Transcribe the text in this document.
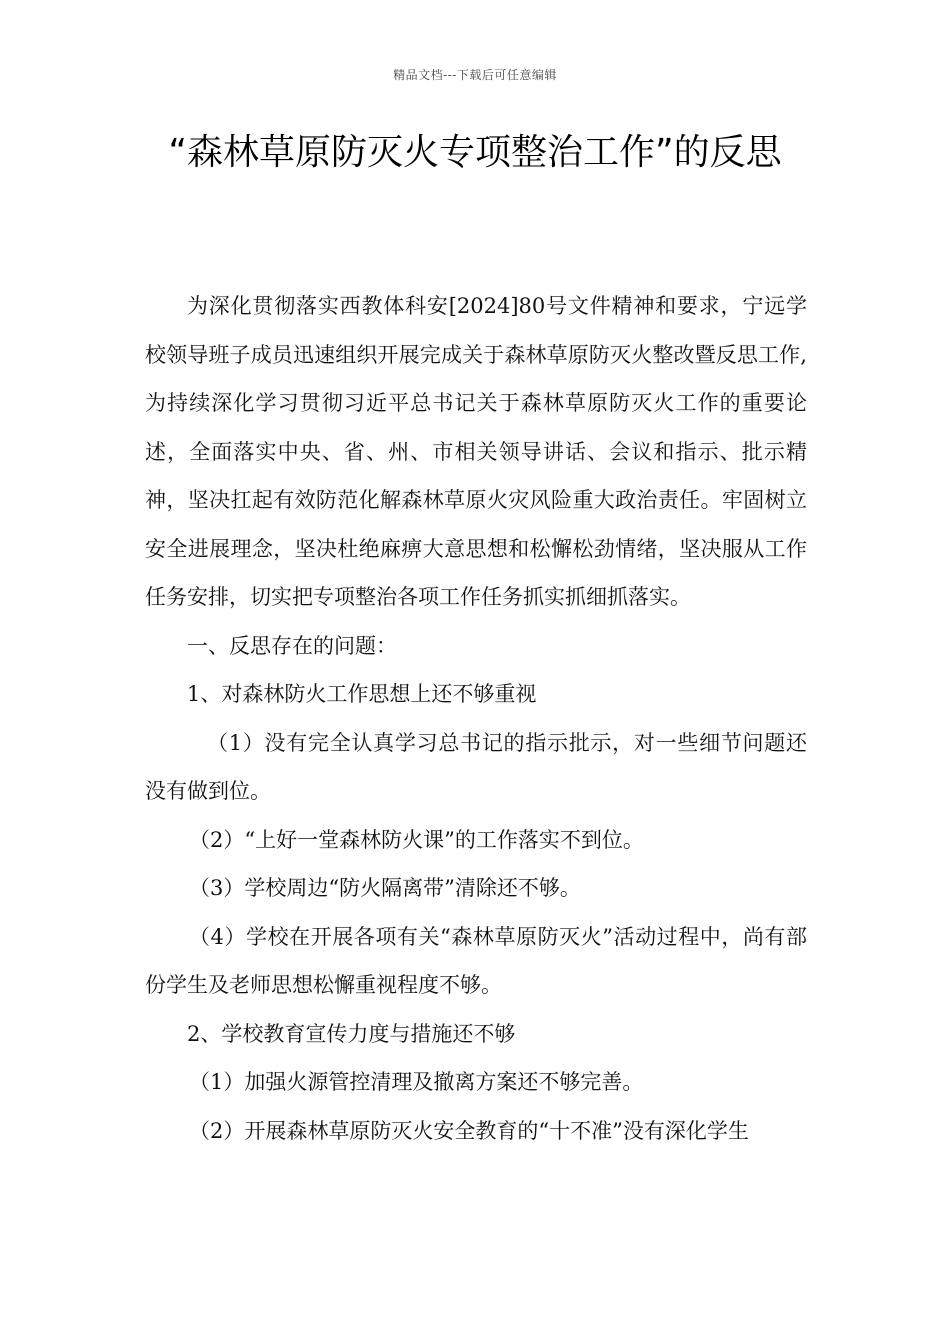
精品文档---下载后可任意编辑
“森林草原防灭火专项整治工作”的反思

为深化贯彻落实西教体科安[2024]80号文件精神和要求，宁远学校领导班子成员迅速组织开展完成关于森林草原防灭火整改暨反思工作,为持续深化学习贯彻习近平总书记关于森林草原防灭火工作的重要论述，全面落实中央、省、州、市相关领导讲话、会议和指示、批示精神，坚决扛起有效防范化解森林草原火灾风险重大政治责任。牢固树立安全进展理念，坚决杜绝麻痹大意思想和松懈松劲情绪，坚决服从工作任务安排，切实把专项整治各项工作任务抓实抓细抓落实。

一、反思存在的问题：

1、对森林防火工作思想上还不够重视

（1）没有完全认真学习总书记的指示批示，对一些细节问题还没有做到位。

（2）“上好一堂森林防火课”的工作落实不到位。

（3）学校周边“防火隔离带”清除还不够。

（4）学校在开展各项有关“森林草原防灭火”活动过程中，尚有部份学生及老师思想松懈重视程度不够。

2、学校教育宣传力度与措施还不够

（1）加强火源管控清理及撤离方案还不够完善。

（2）开展森林草原防灭火安全教育的“十不准”没有深化学生
